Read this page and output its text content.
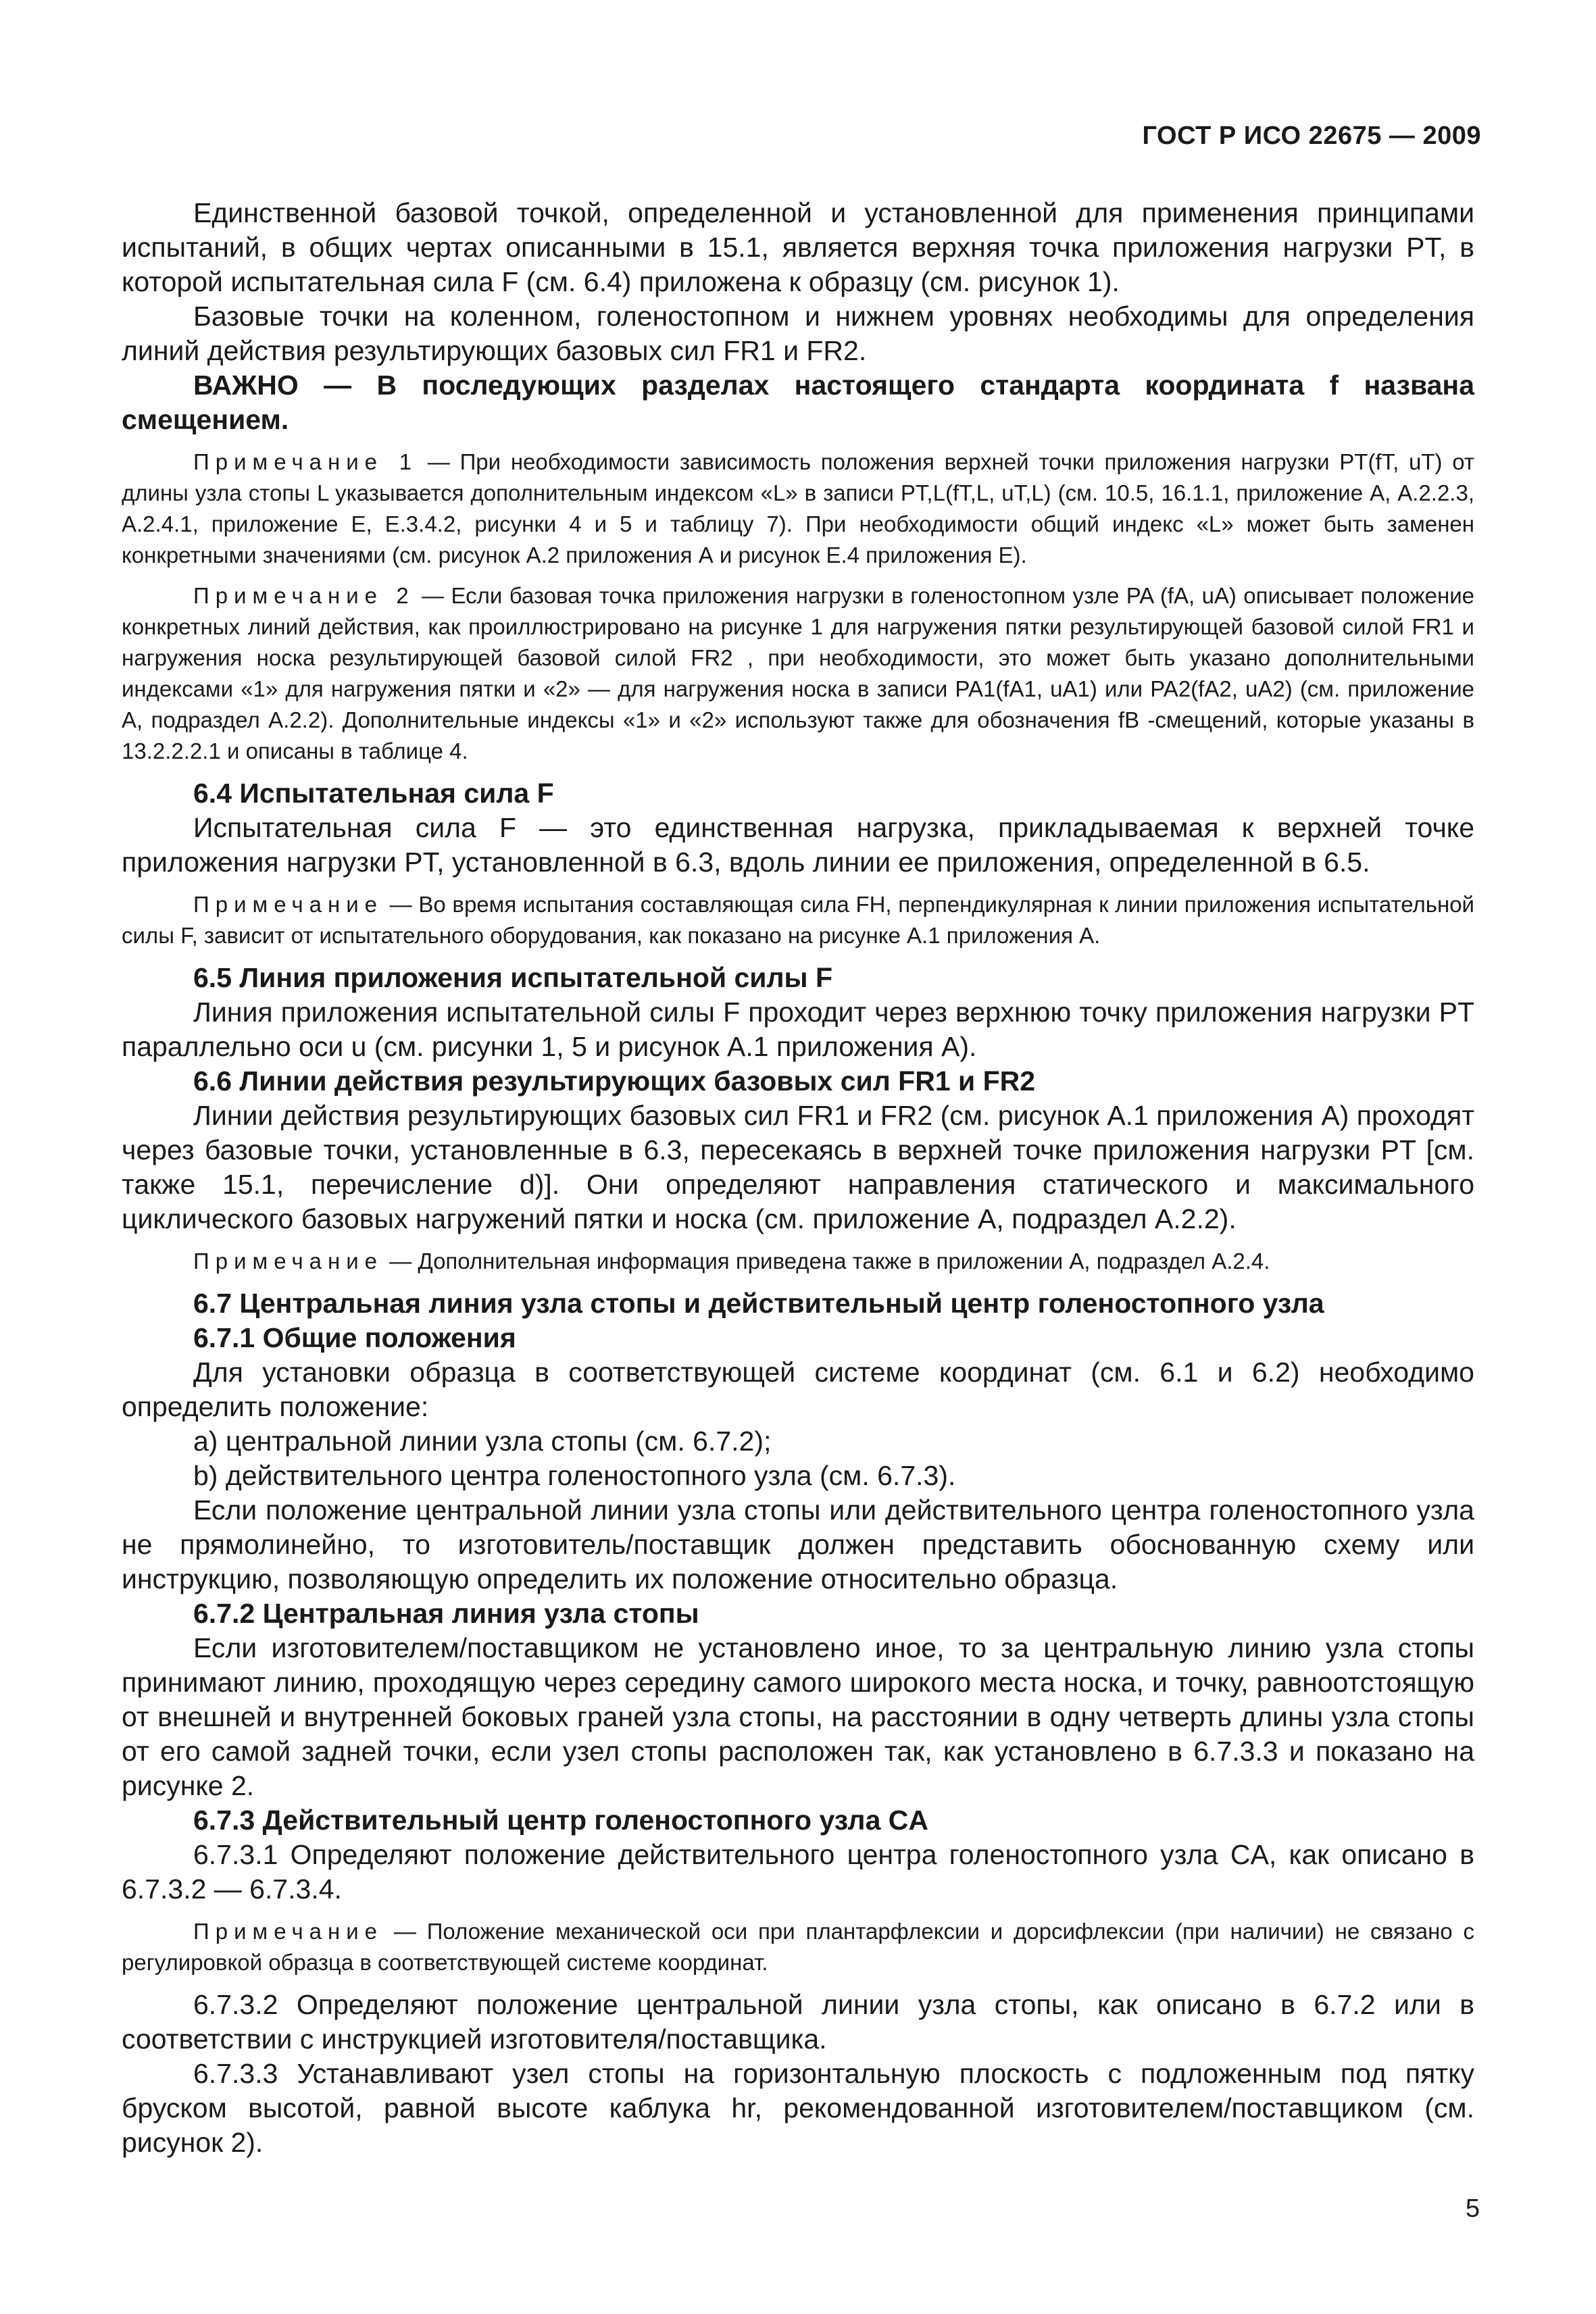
ГОСТ Р ИСО 22675 — 2009

Единственной базовой точкой, определенной и установленной для применения принципами испытаний, в общих чертах описанными в 15.1, является верхняя точка приложения нагрузки PT, в которой испытательная сила F (см. 6.4) приложена к образцу (см. рисунок 1).

Базовые точки на коленном, голеностопном и нижнем уровнях необходимы для определения линий действия результирующих базовых сил FR1 и FR2.

ВАЖНО — В последующих разделах настоящего стандарта координата f названа смещением.

Примечание 1 — При необходимости зависимость положения верхней точки приложения нагрузки PT(fT, uT) от длины узла стопы L указывается дополнительным индексом «L» в записи PT,L(fT,L, uT,L) (см. 10.5, 16.1.1, приложение А, А.2.2.3, А.2.4.1, приложение Е, Е.3.4.2, рисунки 4 и 5 и таблицу 7). При необходимости общий индекс «L» может быть заменен конкретными значениями (см. рисунок А.2 приложения А и рисунок Е.4 приложения Е).

Примечание 2 — Если базовая точка приложения нагрузки в голеностопном узле PA (fA, uA) описывает положение конкретных линий действия, как проиллюстрировано на рисунке 1 для нагружения пятки результирующей базовой силой FR1 и нагружения носка результирующей базовой силой FR2 , при необходимости, это может быть указано дополнительными индексами «1» для нагружения пятки и «2» — для нагружения носка в записи PA1(fA1, uA1) или PA2(fA2, uA2) (см. приложение А, подраздел А.2.2). Дополнительные индексы «1» и «2» используют также для обозначения fB -смещений, которые указаны в 13.2.2.2.1 и описаны в таблице 4.

6.4 Испытательная сила F

Испытательная сила F — это единственная нагрузка, прикладываемая к верхней точке приложения нагрузки PT, установленной в 6.3, вдоль линии ее приложения, определенной в 6.5.

Примечание — Во время испытания составляющая сила FH, перпендикулярная к линии приложения испытательной силы F, зависит от испытательного оборудования, как показано на рисунке А.1 приложения А.

6.5 Линия приложения испытательной силы F

Линия приложения испытательной силы F проходит через верхнюю точку приложения нагрузки PT параллельно оси u (см. рисунки 1, 5 и рисунок А.1 приложения А).

6.6 Линии действия результирующих базовых сил FR1 и FR2

Линии действия результирующих базовых сил FR1 и FR2 (см. рисунок А.1 приложения А) проходят через базовые точки, установленные в 6.3, пересекаясь в верхней точке приложения нагрузки PT [см. также 15.1, перечисление d)]. Они определяют направления статического и максимального циклического базовых нагружений пятки и носка (см. приложение А, подраздел А.2.2).

Примечание — Дополнительная информация приведена также в приложении А, подраздел А.2.4.

6.7 Центральная линия узла стопы и действительный центр голеностопного узла

6.7.1 Общие положения

Для установки образца в соответствующей системе координат (см. 6.1 и 6.2) необходимо определить положение:

a) центральной линии узла стопы (см. 6.7.2);

b) действительного центра голеностопного узла (см. 6.7.3).

Если положение центральной линии узла стопы или действительного центра голеностопного узла не прямолинейно, то изготовитель/поставщик должен представить обоснованную схему или инструкцию, позволяющую определить их положение относительно образца.

6.7.2 Центральная линия узла стопы

Если изготовителем/поставщиком не установлено иное, то за центральную линию узла стопы принимают линию, проходящую через середину самого широкого места носка, и точку, равноотстоящую от внешней и внутренней боковых граней узла стопы, на расстоянии в одну четверть длины узла стопы от его самой задней точки, если узел стопы расположен так, как установлено в 6.7.3.3 и показано на рисунке 2.

6.7.3 Действительный центр голеностопного узла CA

6.7.3.1 Определяют положение действительного центра голеностопного узла CA, как описано в 6.7.3.2 — 6.7.3.4.

Примечание — Положение механической оси при плантарфлексии и дорсифлексии (при наличии) не связано с регулировкой образца в соответствующей системе координат.

6.7.3.2 Определяют положение центральной линии узла стопы, как описано в 6.7.2 или в соответствии с инструкцией изготовителя/поставщика.

6.7.3.3 Устанавливают узел стопы на горизонтальную плоскость с подложенным под пятку бруском высотой, равной высоте каблука hr, рекомендованной изготовителем/поставщиком (см. рисунок 2).

5
